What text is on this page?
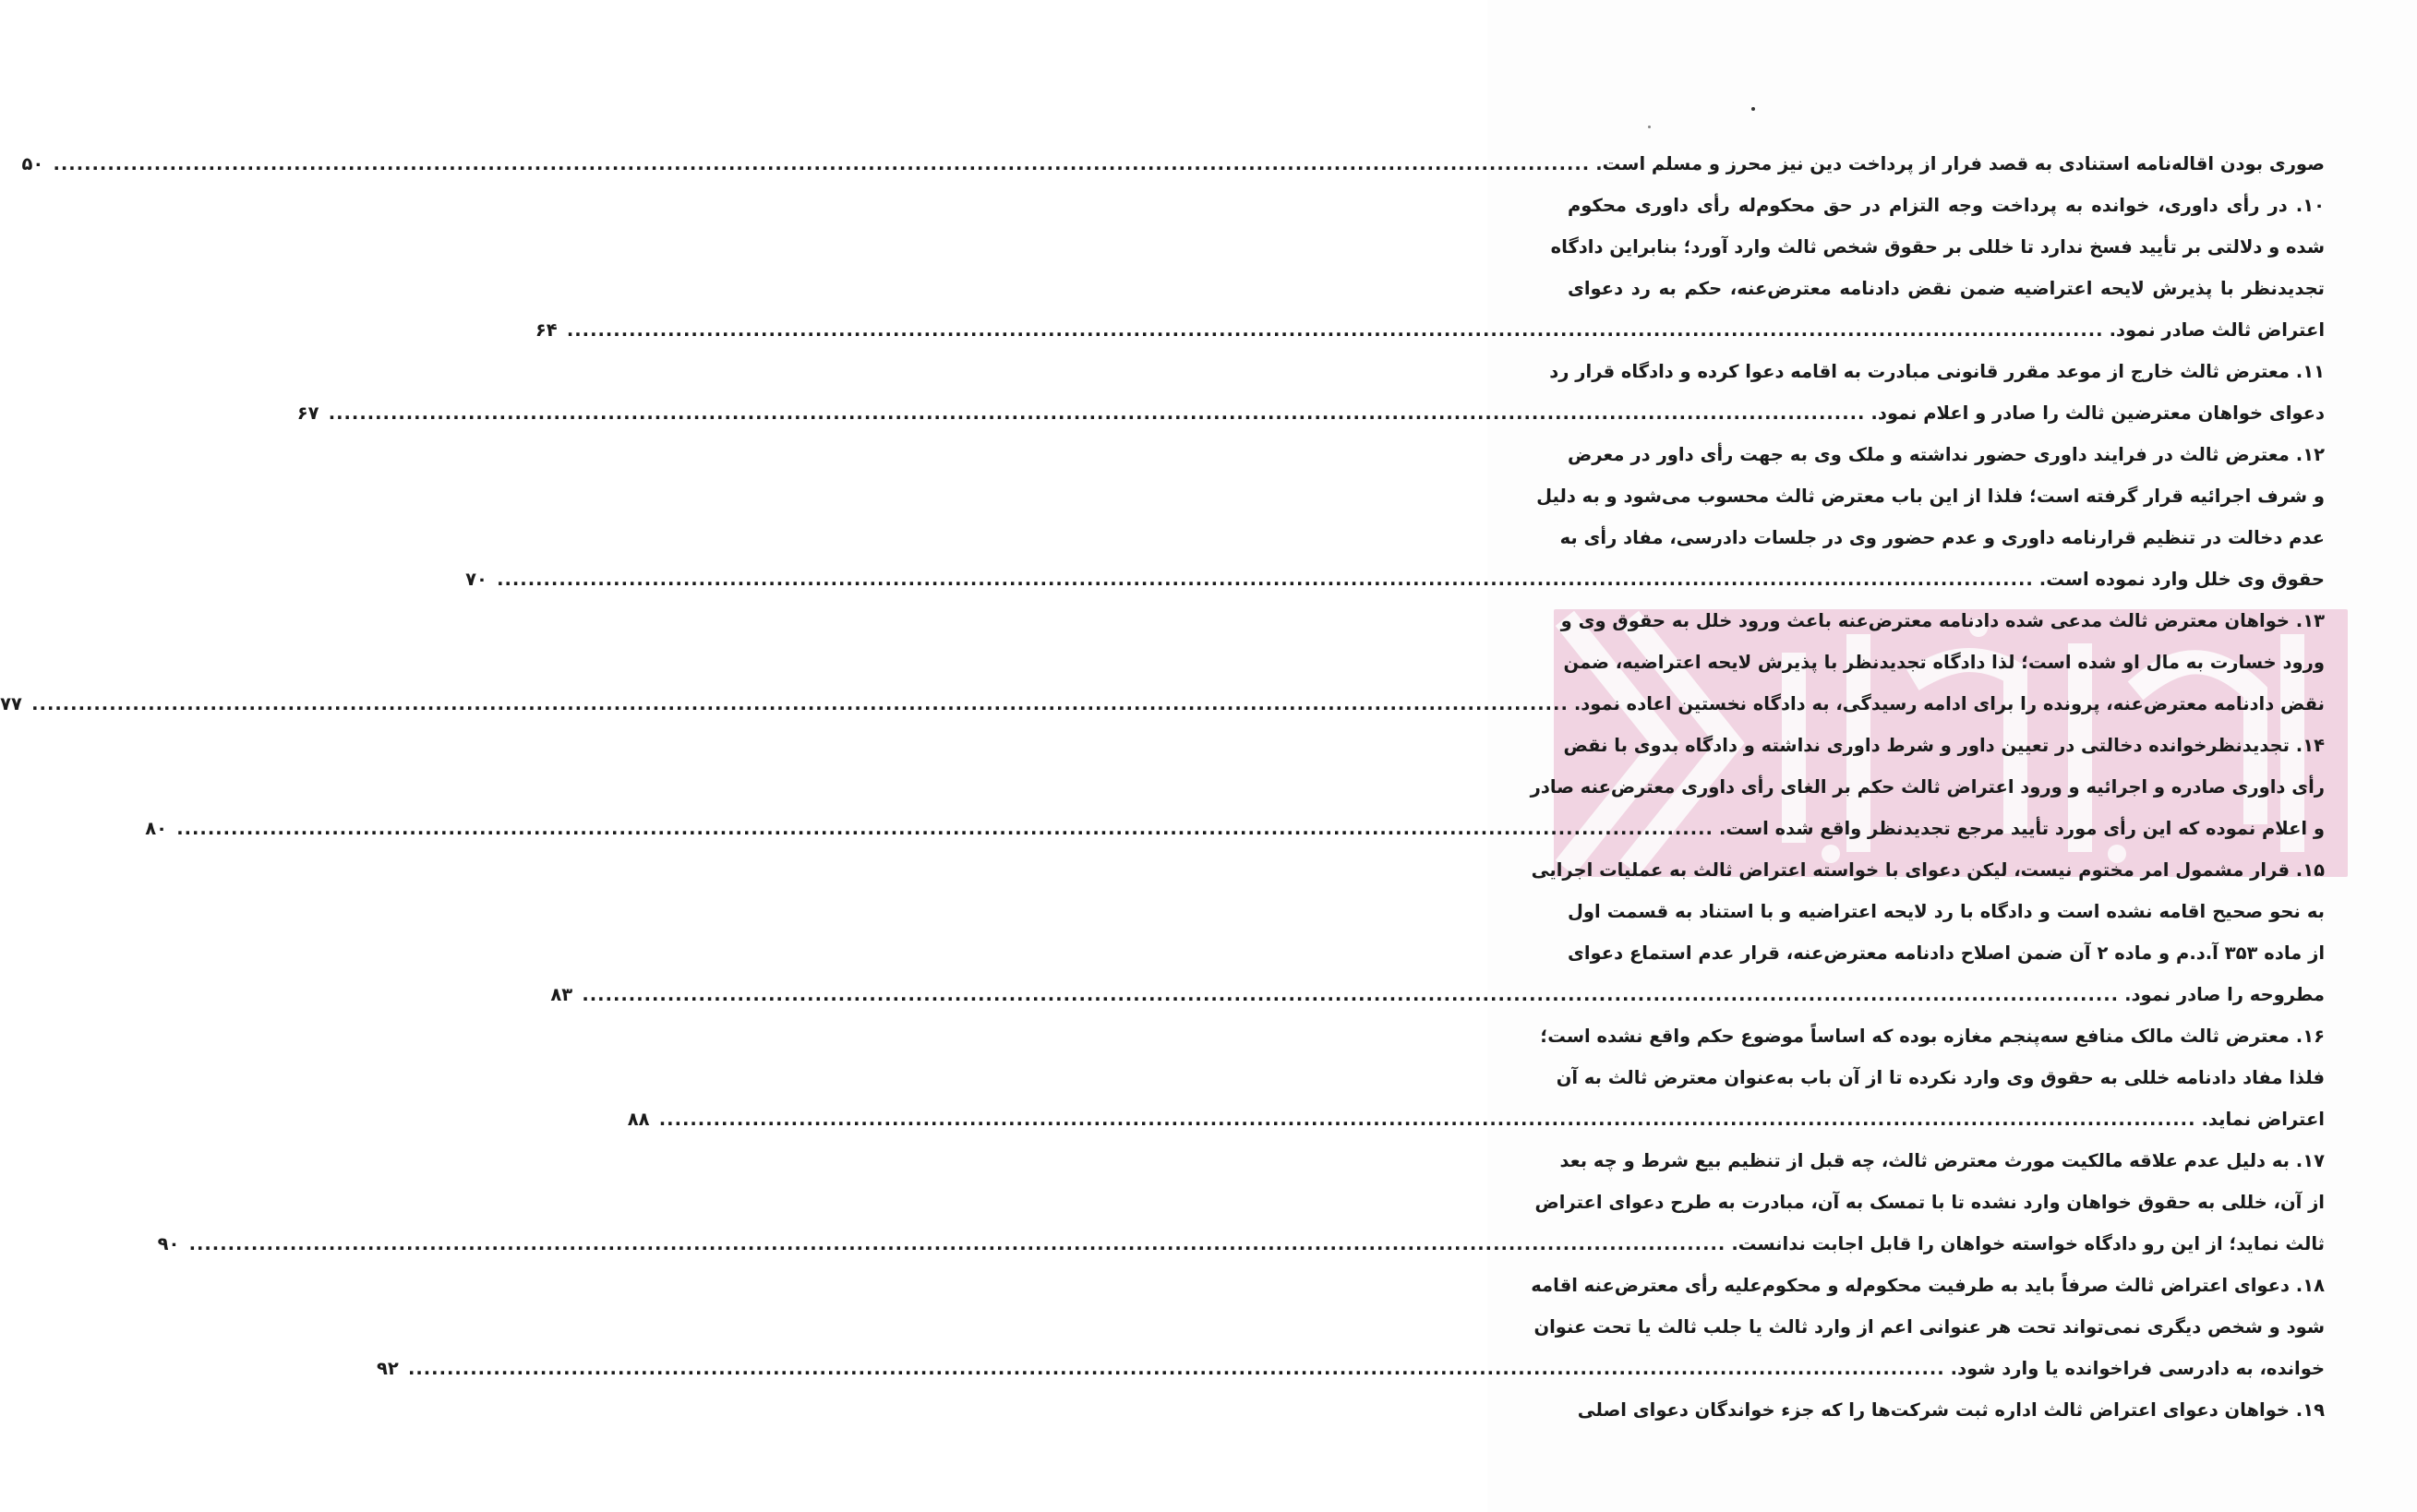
صوری بودن اقاله‌نامه استنادی به قصد فرار از پرداخت دین نیز محرز و مسلم است.
.....
۵۰
۱۰. در رأی داوری، خوانده به پرداخت وجه التزام در حق محکوم‌له رأی داوری محکوم
شده و دلالتی بر تأیید فسخ ندارد تا خللی بر حقوق شخص ثالث وارد آورد؛ بنابراین دادگاه
تجدیدنظر با پذیرش لایحه اعتراضیه ضمن نقض دادنامه معترض‌عنه، حکم به رد دعوای
اعتراض ثالث صادر نمود.
.....
۶۴
۱۱. معترض ثالث خارج از موعد مقرر قانونی مبادرت به اقامه دعوا کرده و دادگاه قرار رد
دعوای خواهان معترضین ثالث را صادر و اعلام نمود.
.....
۶۷
۱۲. معترض ثالث در فرایند داوری حضور نداشته و ملک وی به جهت رأی داور در معرض
و شرف اجرائیه قرار گرفته است؛ فلذا از این باب معترض ثالث محسوب می‌شود و به دلیل
عدم دخالت در تنظیم قرارنامه داوری و عدم حضور وی در جلسات دادرسی، مفاد رأی به
حقوق وی خلل وارد نموده است.
.....
۷۰
۱۳. خواهان معترض ثالث مدعی شده دادنامه معترض‌عنه باعث ورود خلل به حقوق وی و
ورود خسارت به مال او شده است؛ لذا دادگاه تجدیدنظر با پذیرش لایحه اعتراضیه، ضمن
نقض دادنامه معترض‌عنه، پرونده را برای ادامه رسیدگی، به دادگاه نخستین اعاده نمود.
.....
۷۷
۱۴. تجدیدنظرخوانده دخالتی در تعیین داور و شرط داوری نداشته و دادگاه بدوی با نقض
رأی داوری صادره و اجرائیه و ورود اعتراض ثالث حکم بر الغای رأی داوری معترض‌عنه صادر
و اعلام نموده که این رأی مورد تأیید مرجع تجدیدنظر واقع شده است.
.....
۸۰
۱۵. قرار مشمول امر مختوم نیست، لیکن دعوای با خواسته اعتراض ثالث به عملیات اجرایی
به نحو صحیح اقامه نشده است و دادگاه با رد لایحه اعتراضیه و با استناد به قسمت اول
از ماده ۳۵۳ آ.د.م و ماده ۲ آن ضمن اصلاح دادنامه معترض‌عنه، قرار عدم استماع دعوای
مطروحه را صادر نمود.
.....
۸۳
۱۶. معترض ثالث مالک منافع سه‌پنجم مغازه بوده که اساساً موضوع حکم واقع نشده است؛
فلذا مفاد دادنامه خللی به حقوق وی وارد نکرده تا از آن باب به‌عنوان معترض ثالث به آن
اعتراض نماید.
.....
۸۸
۱۷. به دلیل عدم علاقه مالکیت مورث معترض ثالث، چه قبل از تنظیم بیع شرط و چه بعد
از آن، خللی به حقوق خواهان وارد نشده تا با تمسک به آن، مبادرت به طرح دعوای اعتراض
ثالث نماید؛ از این رو دادگاه خواسته خواهان را قابل اجابت ندانست.
.....
۹۰
۱۸. دعوای اعتراض ثالث صرفاً باید به طرفیت محکوم‌له و محکوم‌علیه رأی معترض‌عنه اقامه
شود و شخص دیگری نمی‌تواند تحت هر عنوانی اعم از وارد ثالث یا جلب ثالث یا تحت عنوان
خوانده، به دادرسی فراخوانده یا وارد شود.
.....
۹۲
۱۹. خواهان دعوای اعتراض ثالث اداره ثبت شرکت‌ها را که جزء خواندگان دعوای اصلی
